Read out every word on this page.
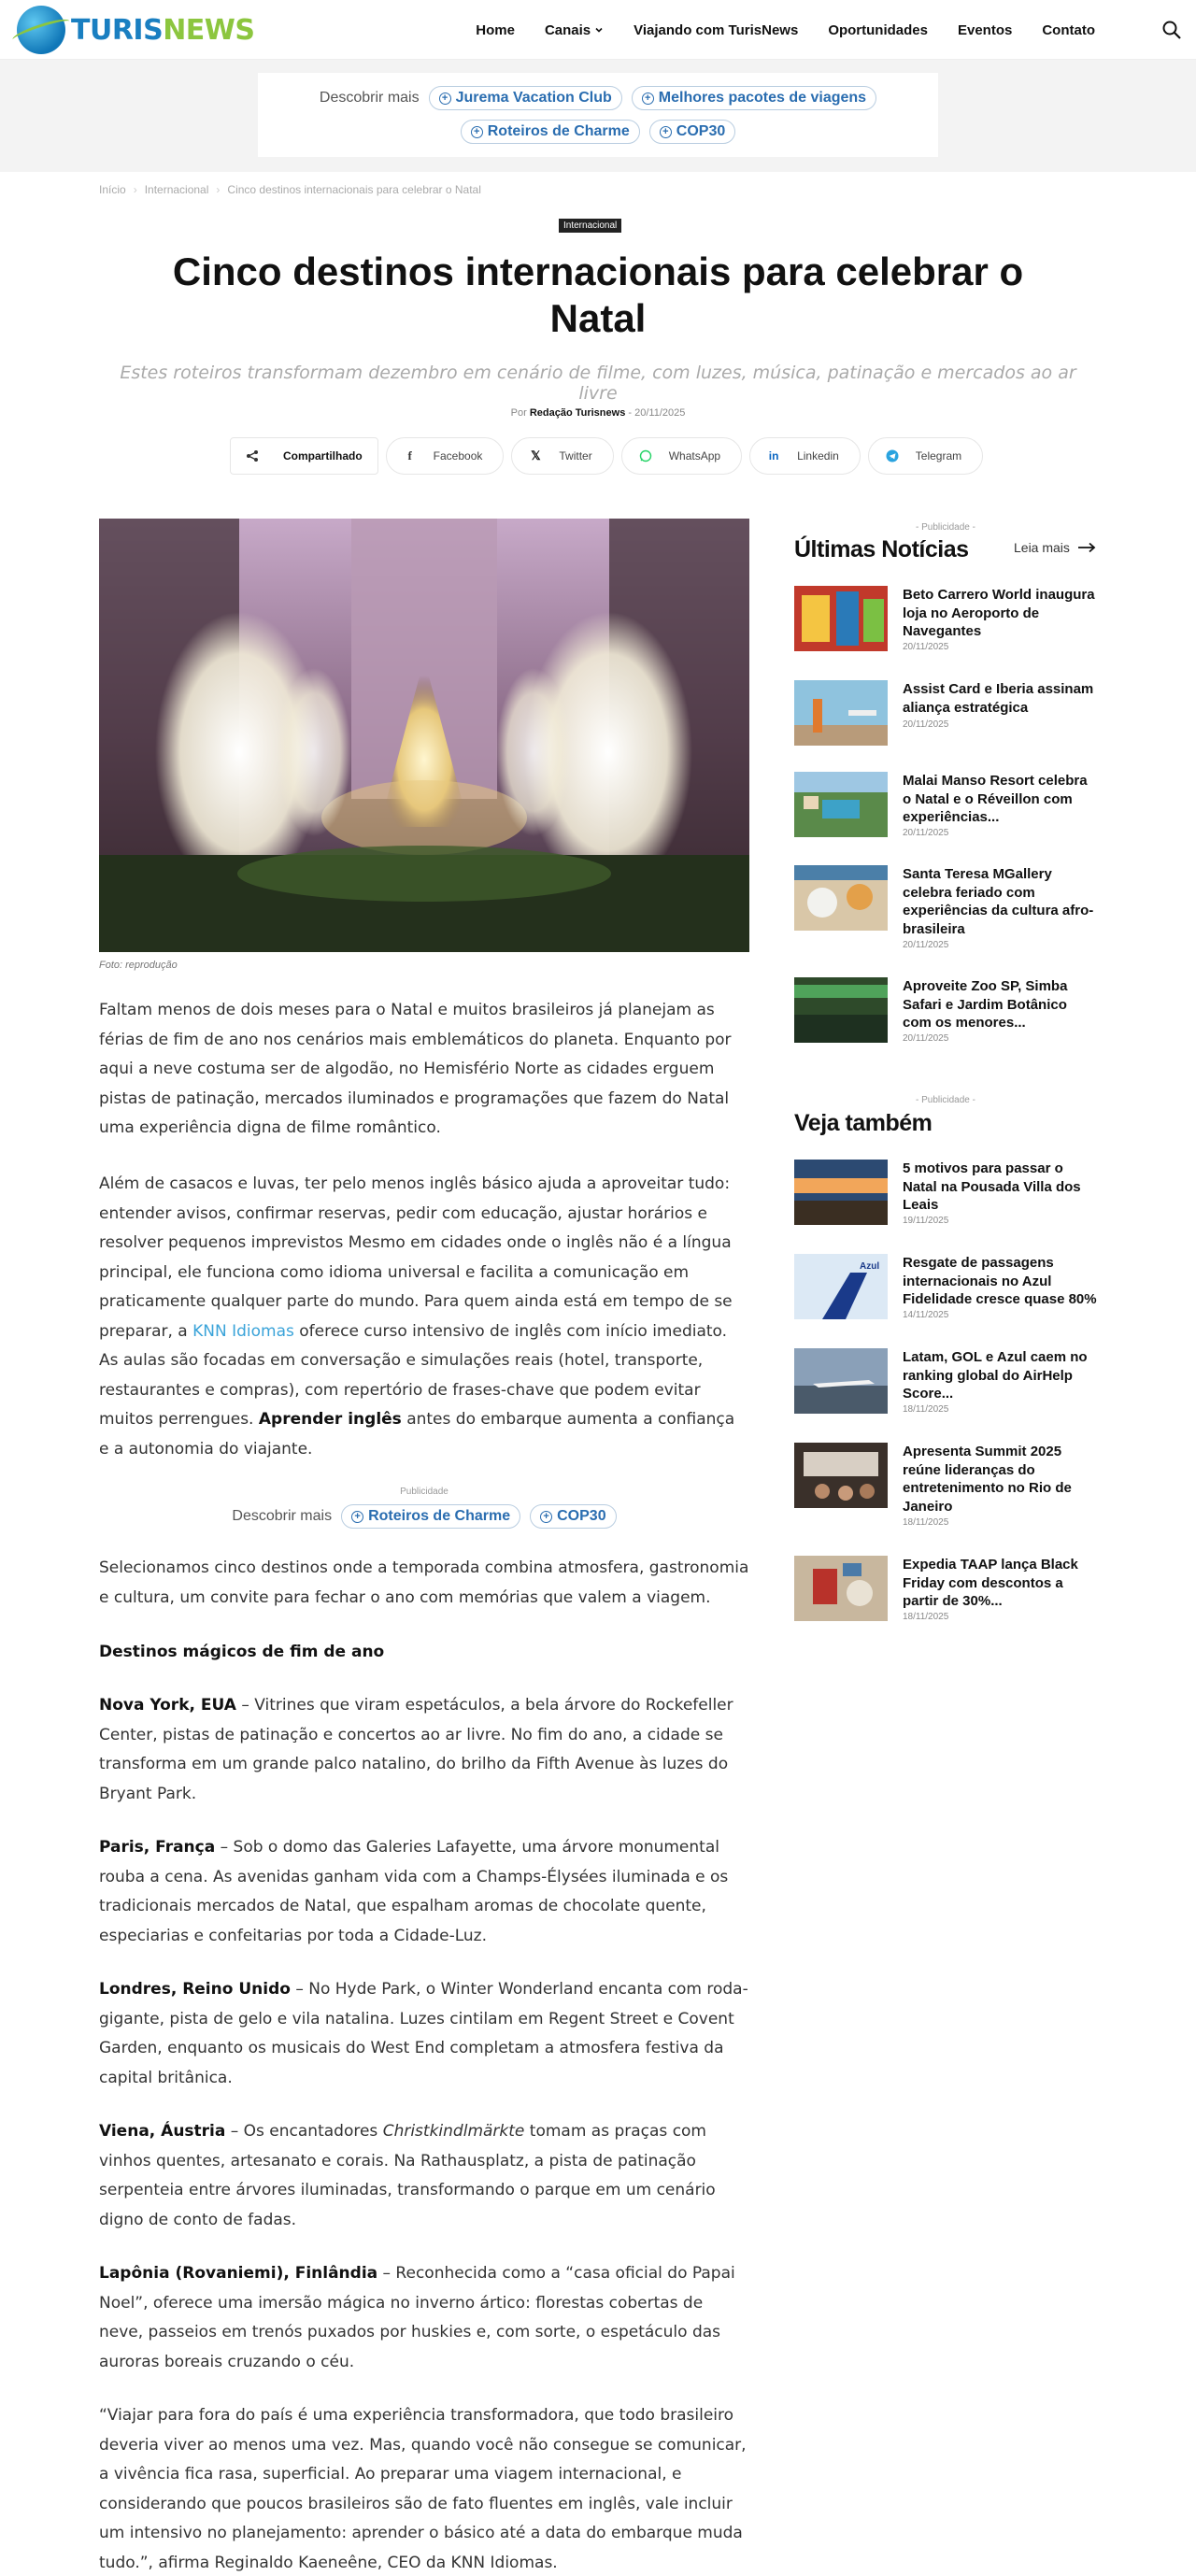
TURISNEWS	Home Canais	Viajando com TurisNews Oportunidades Eventos Contato
Descobrir mais + Jurema Vacation Club	+ Melhores pacotes de viagens
+ Roteiros de Charme	+ COP30
Início › Internacional › Cinco destinos internacionais para celebrar o Natal
Internacional
Cinco destinos internacionais para celebrar o Natal
Estes roteiros transformam dezembro em cenário de filme, com luzes, música, patinação e mercados ao ar livre
Por Redação Turisnews - 20/11/2025
Compartilhado	f	Facebook	𝕏 Twitter	WhatsApp	in Linkedin	Telegram
Foto: reprodução

Faltam menos de dois meses para o Natal e muitos brasileiros já planejam as férias de fim de ano nos cenários mais emblemáticos do planeta. Enquanto por aqui a neve costuma ser de algodão, no Hemisfério Norte as cidades erguem pistas de patinação, mercados iluminados e programações que fazem do Natal uma experiência digna de filme romântico.

Além de casacos e luvas, ter pelo menos inglês básico ajuda a aproveitar tudo: entender avisos, confirmar reservas, pedir com educação, ajustar horários e resolver pequenos imprevistos Mesmo em cidades onde o inglês não é a língua principal, ele funciona como idioma universal e facilita a comunicação em praticamente qualquer parte do mundo. Para quem ainda está em tempo de se preparar, a KNN Idiomas oferece curso intensivo de inglês com início imediato. As aulas são focadas em conversação e simulações reais (hotel, transporte, restaurantes e compras), com repertório de frases-chave que podem evitar muitos perrengues. Aprender inglês antes do embarque aumenta a confiança e a autonomia do viajante.

Publicidade
Descobrir mais + Roteiros de Charme	+ COP30

Selecionamos cinco destinos onde a temporada combina atmosfera, gastronomia e cultura, um convite para fechar o ano com memórias que valem a viagem.

Destinos mágicos de fim de ano

Nova York, EUA – Vitrines que viram espetáculos, a bela árvore do Rockefeller Center, pistas de patinação e concertos ao ar livre. No fim do ano, a cidade se transforma em um grande palco natalino, do brilho da Fifth Avenue às luzes do Bryant Park.

Paris, França – Sob o domo das Galeries Lafayette, uma árvore monumental rouba a cena. As avenidas ganham vida com a Champs-Élysées iluminada e os tradicionais mercados de Natal, que espalham aromas de chocolate quente, especiarias e confeitarias por toda a Cidade-Luz.

Londres, Reino Unido – No Hyde Park, o Winter Wonderland encanta com roda-gigante, pista de gelo e vila natalina. Luzes cintilam em Regent Street e Covent Garden, enquanto os musicais do West End completam a atmosfera festiva da capital britânica.

Viena, Áustria – Os encantadores Christkindlmärkte tomam as praças com vinhos quentes, artesanato e corais. Na Rathausplatz, a pista de patinação serpenteia entre árvores iluminadas, transformando o parque em um cenário digno de conto de fadas.

Lapônia (Rovaniemi), Finlândia – Reconhecida como a “casa oficial do Papai Noel”, oferece uma imersão mágica no inverno ártico: florestas cobertas de neve, passeios em trenós puxados por huskies e, com sorte, o espetáculo das auroras boreais cruzando o céu.

“Viajar para fora do país é uma experiência transformadora, que todo brasileiro deveria viver ao menos uma vez. Mas, quando você não consegue se comunicar, a vivência fica rasa, superficial. Ao preparar uma viagem internacional, e considerando que poucos brasileiros são de fato fluentes em inglês, vale incluir um intensivo no planejamento: aprender o básico até a data do embarque muda tudo.”, afirma Reginaldo Kaeneêne, CEO da KNN Idiomas.

- Publicidade -
Últimas Notícias	Leia mais
Beto Carrero World inaugura loja no Aeroporto de Navegantes
20/11/2025
Assist Card e Iberia assinam aliança estratégica
20/11/2025
Malai Manso Resort celebra o Natal e o Réveillon com experiências...
20/11/2025
Santa Teresa MGallery celebra feriado com experiências da cultura afro-brasileira
20/11/2025
Aproveite Zoo SP, Simba Safari e Jardim Botânico com os menores...
20/11/2025
- Publicidade -
Veja também
5 motivos para passar o Natal na Pousada Villa dos Leais
19/11/2025
Azul Resgate de passagens internacionais no Azul Fidelidade cresce quase 80%
14/11/2025
Latam, GOL e Azul caem no ranking global do AirHelp Score...
18/11/2025
Apresenta Summit 2025 reúne lideranças do entretenimento no Rio de Janeiro
18/11/2025
Expedia TAAP lança Black Friday com descontos a partir de 30%...
18/11/2025
